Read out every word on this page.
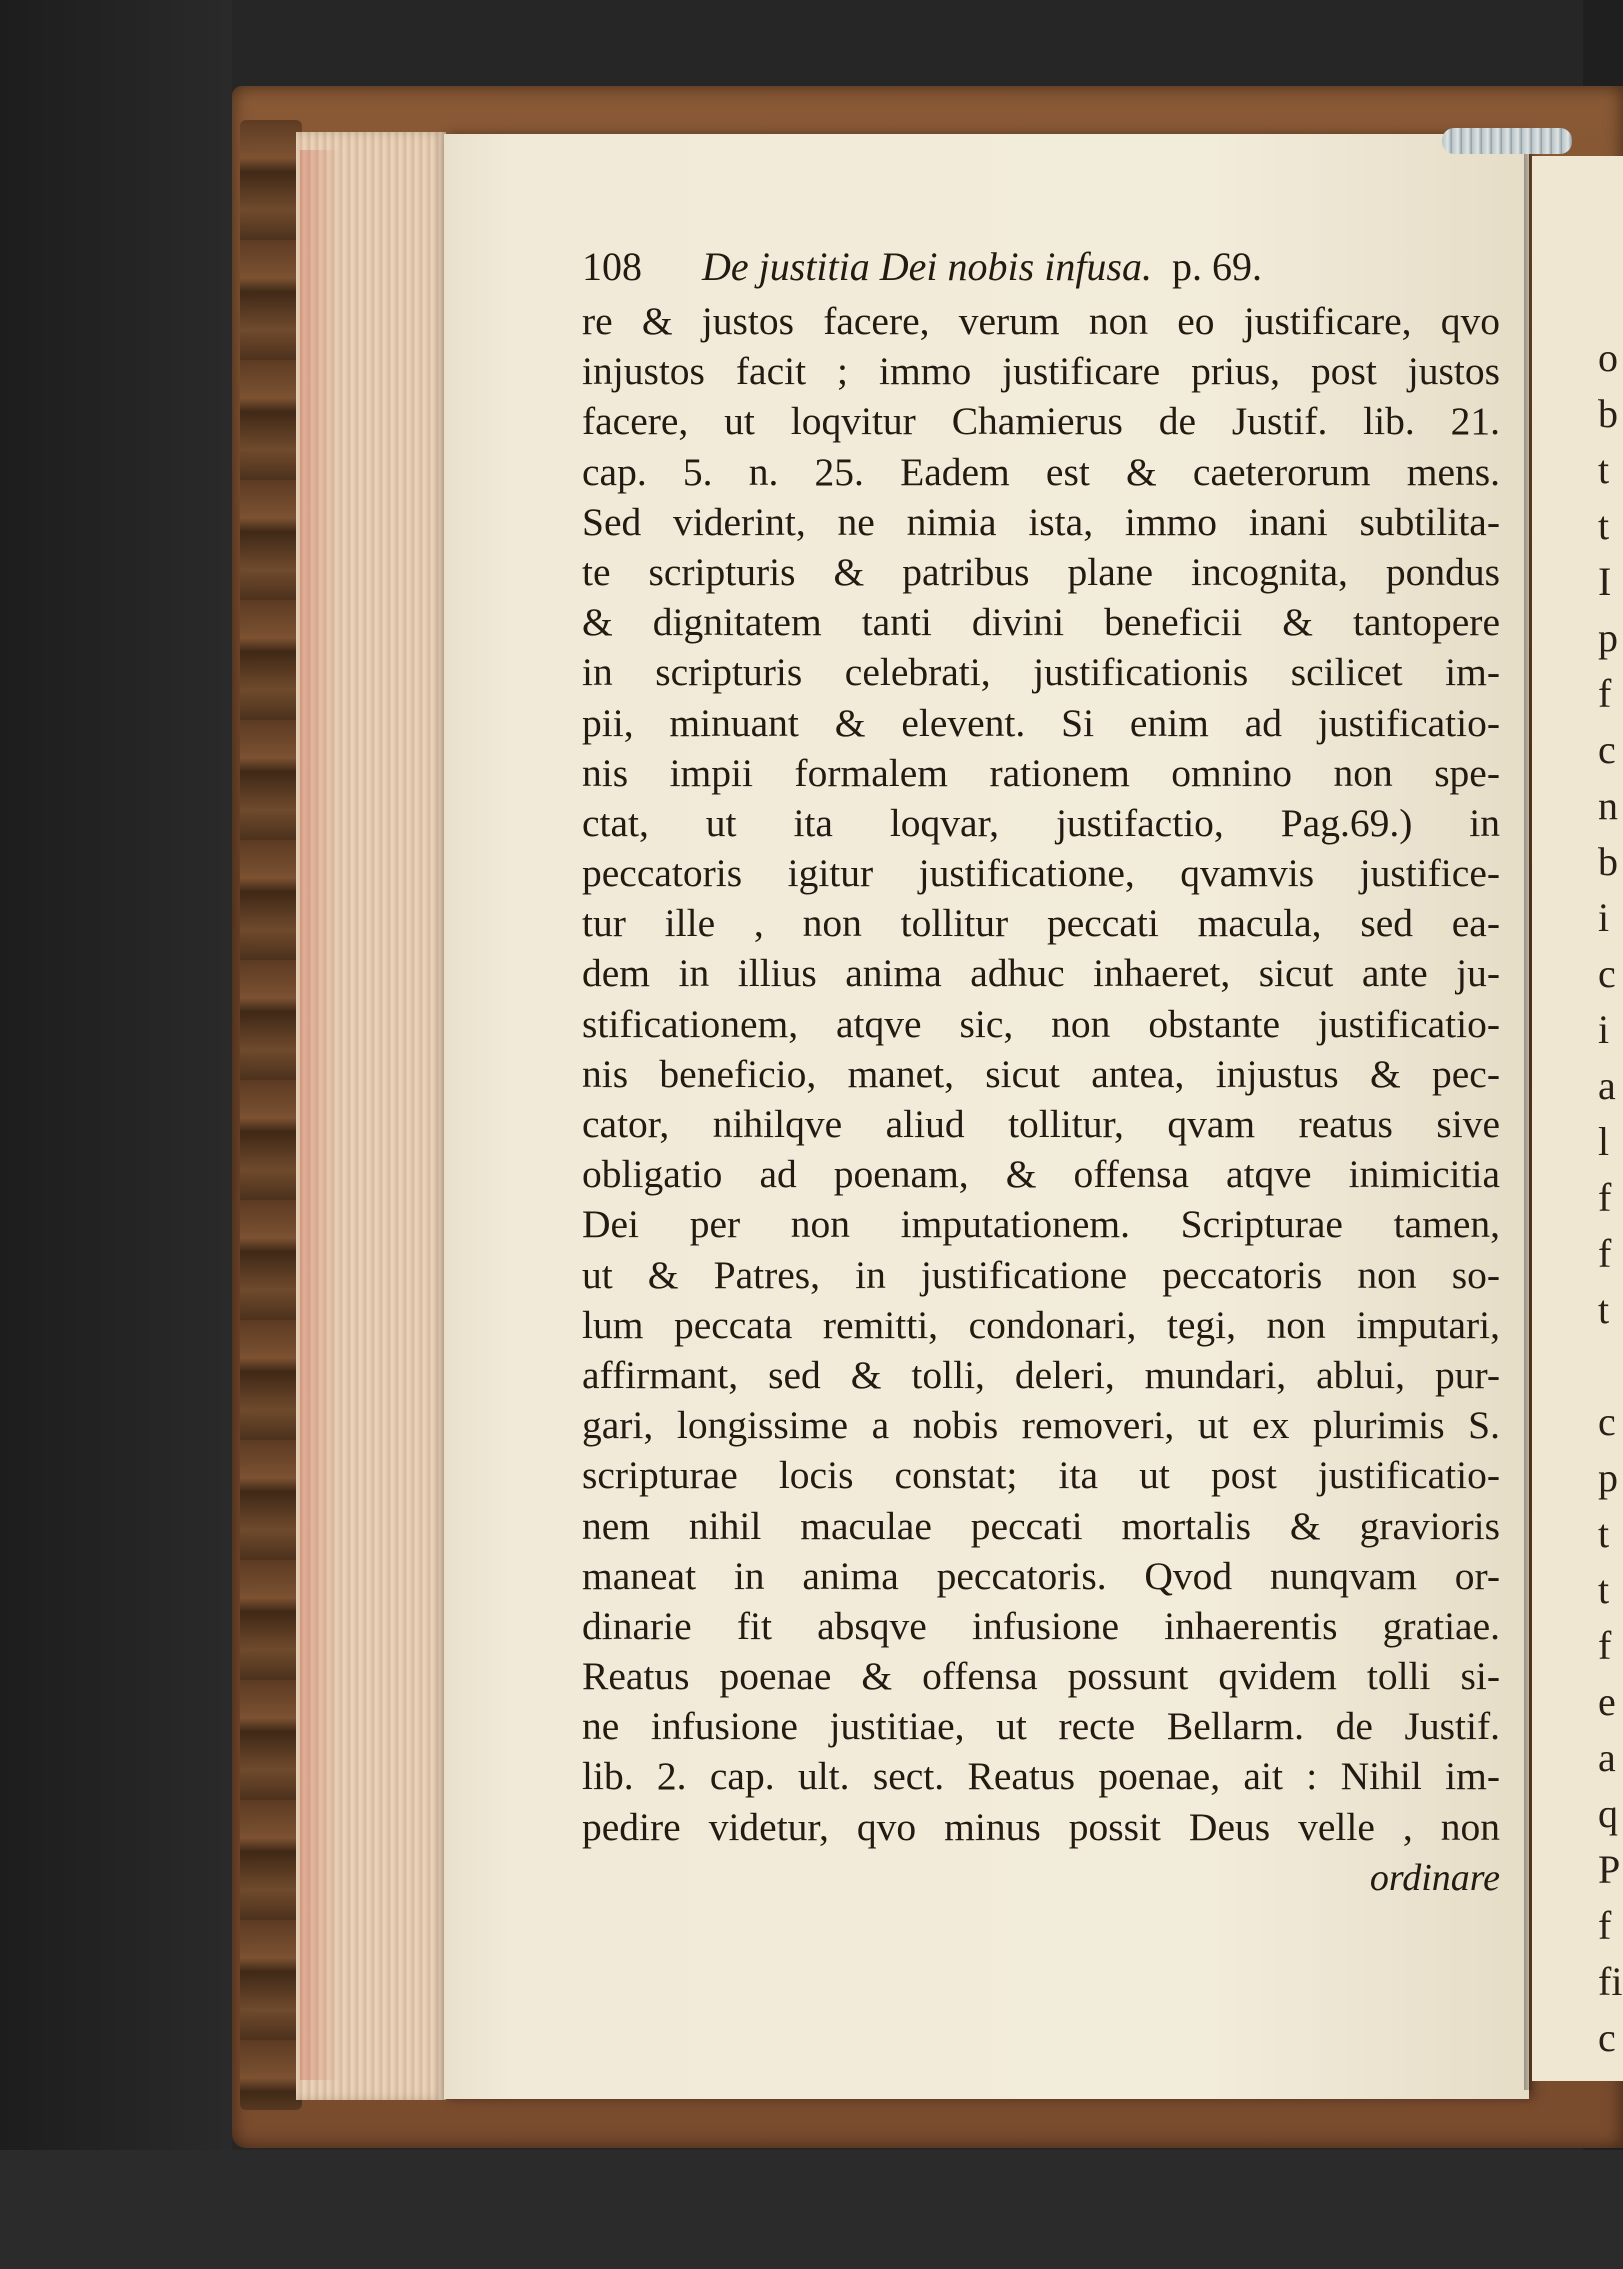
o
b
t
t
I
p
f
c
n
b
i
c
i
a
l
f
f
t
c
p
t
t
f
e
a
q
P
f
fi
c
108	De justitia Dei nobis infusa. p. 69.
re & justos facere, verum non eo justificare, qvo
injustos facit ; immo justificare prius, post justos
facere, ut loqvitur Chamierus de Justif. lib. 21.
cap. 5. n. 25. Eadem est & caeterorum mens.
Sed viderint, ne nimia ista, immo inani subtilita-
te scripturis & patribus plane incognita, pondus
& dignitatem tanti divini beneficii & tantopere
in scripturis celebrati, justificationis scilicet im-
pii, minuant & elevent. Si enim ad justificatio-
nis impii formalem rationem omnino non spe-
ctat, ut ita loqvar, justifactio, Pag.69.) in
peccatoris igitur justificatione, qvamvis justifice-
tur ille , non tollitur peccati macula, sed ea-
dem in illius anima adhuc inhaeret, sicut ante ju-
stificationem, atqve sic, non obstante justificatio-
nis beneficio, manet, sicut antea, injustus & pec-
cator, nihilqve aliud tollitur, qvam reatus sive
obligatio ad poenam, & offensa atqve inimicitia
Dei per non imputationem. Scripturae tamen,
ut & Patres, in justificatione peccatoris non so-
lum peccata remitti, condonari, tegi, non imputari,
affirmant, sed & tolli, deleri, mundari, ablui, pur-
gari, longissime a nobis removeri, ut ex plurimis S.
scripturae locis constat; ita ut post justificatio-
nem nihil maculae peccati mortalis & gravioris
maneat in anima peccatoris. Qvod nunqvam or-
dinarie fit absqve infusione inhaerentis gratiae.
Reatus poenae & offensa possunt qvidem tolli si-
ne infusione justitiae, ut recte Bellarm. de Justif.
lib. 2. cap. ult. sect. Reatus poenae, ait : Nihil im-
pedire videtur, qvo minus possit Deus velle , non
ordinare
